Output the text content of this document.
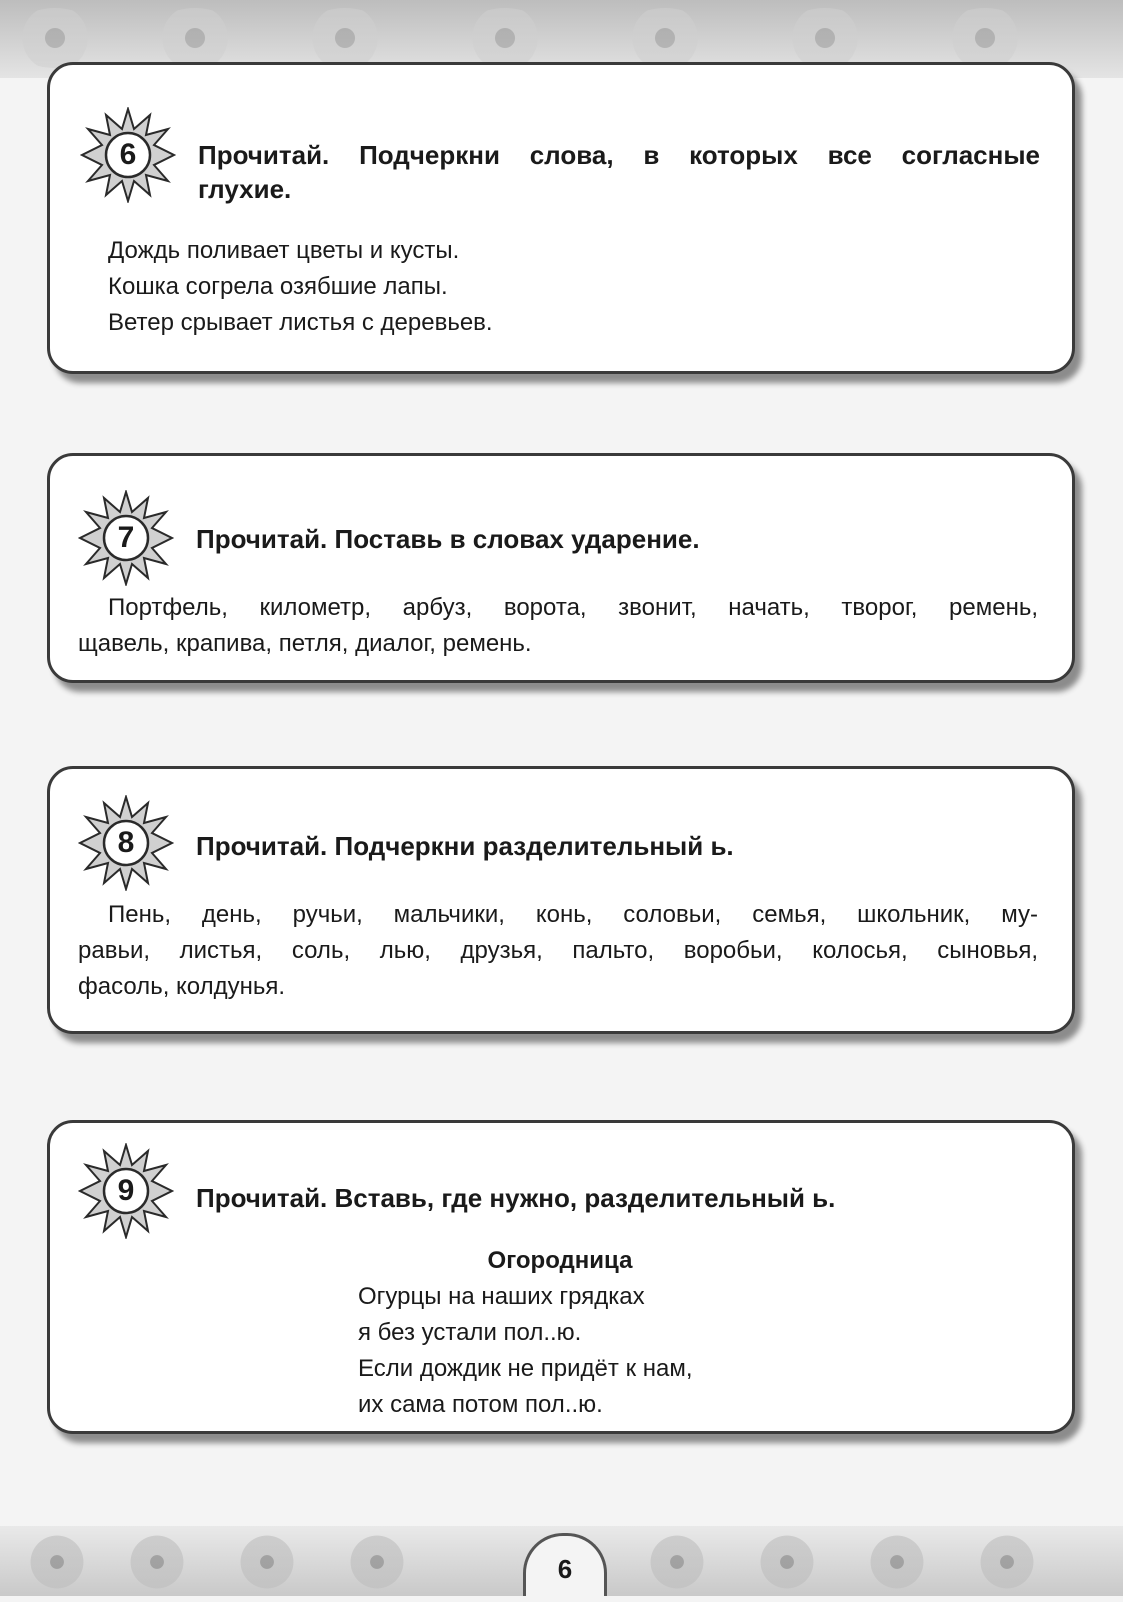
6
6	Прочитай. Подчеркни слова, в которых все согласные
глухие.
Дождь поливает цветы и кусты.
Кошка согрела озябшие лапы.
Ветер срывает листья с деревьев.
7	Прочитай. Поставь в словах ударение.
Портфель, километр, арбуз, ворота, звонит, начать, творог, ремень,
щавель, крапива, петля, диалог, ремень.
8	Прочитай. Подчеркни разделительный ь.
Пень, день, ручьи, мальчики, конь, соловьи, семья, школьник, му-
равьи, листья, соль, лью, друзья, пальто, воробьи, колосья, сыновья,
фасоль, колдунья.
9	Прочитай. Вставь, где нужно, разделительный ь.
Огородница
Огурцы на наших грядках
я без устали пол..ю.
Если дождик не придёт к нам,
их сама потом пол..ю.
